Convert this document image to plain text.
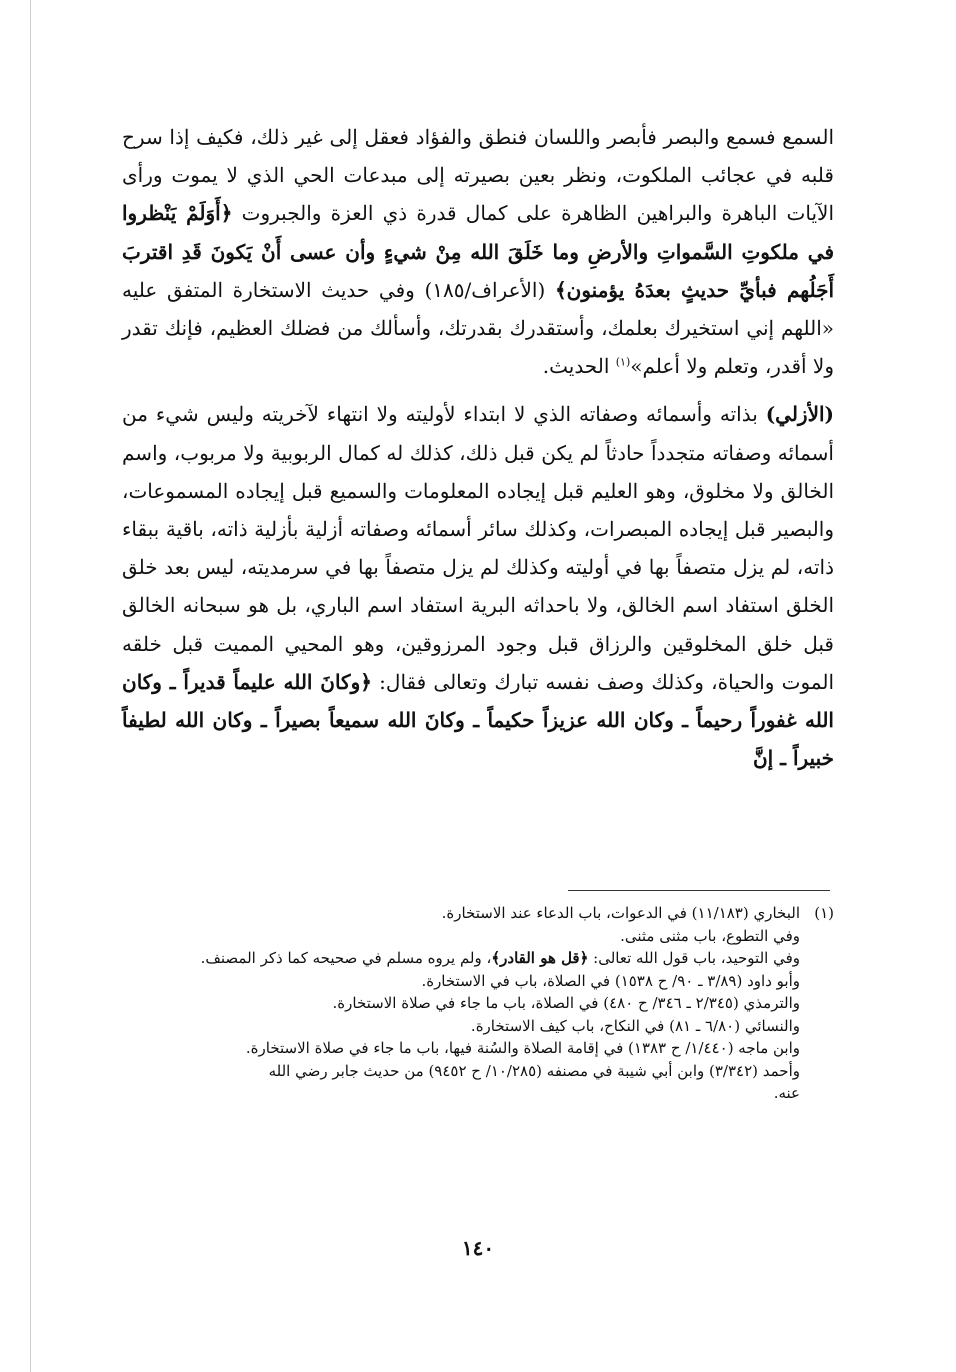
السمع فسمع والبصر فأبصر واللسان فنطق والفؤاد فعقل إلى غير ذلك، فكيف إذا سرح قلبه في عجائب الملكوت، ونظر بعين بصيرته إلى مبدعات الحي الذي لا يموت ورأى الآيات الباهرة والبراهين الظاهرة على كمال قدرة ذي العزة والجبروت ﴿أَوَلَمْ يَنْظروا في ملكوتِ السَّمواتِ والأرضِ وما خَلَقَ الله مِنْ شيءٍ وأن عسى أَنْ يَكونَ قَدِ اقتربَ أَجَلُهم فبأيِّ حديثٍ بعدَهُ يؤمنون﴾ (الأعراف/١٨٥) وفي حديث الاستخارة المتفق عليه «اللهم إني استخيرك بعلمك، وأستقدرك بقدرتك، وأسألك من فضلك العظيم، فإنك تقدر ولا أقدر، وتعلم ولا أعلم»$^{(١)}$ الحديث.

(الأزلي) بذاته وأسمائه وصفاته الذي لا ابتداء لأوليته ولا انتهاء لآخريته وليس شيء من أسمائه وصفاته متجدداً حادثاً لم يكن قبل ذلك، كذلك له كمال الربوبية ولا مربوب، واسم الخالق ولا مخلوق، وهو العليم قبل إيجاده المعلومات والسميع قبل إيجاده المسموعات، والبصير قبل إيجاده المبصرات، وكذلك سائر أسمائه وصفاته أزلية بأزلية ذاته، باقية ببقاء ذاته، لم يزل متصفاً بها في أوليته وكذلك لم يزل متصفاً بها في سرمديته، ليس بعد خلق الخلق استفاد اسم الخالق، ولا باحداثه البرية استفاد اسم الباري، بل هو سبحانه الخالق قبل خلق المخلوقين والرزاق قبل وجود المرزوقين، وهو المحيي المميت قبل خلقه الموت والحياة، وكذلك وصف نفسه تبارك وتعالى فقال: ﴿وكانَ الله عليماً قديراً ـ وكان الله غفوراً رحيماً ـ وكان الله عزيزاً حكيماً ـ وكانَ الله سميعاً بصيراً ـ وكان الله لطيفاً خبيراً ـ إنَّ

(١)البخاري (١١/١٨٣) في الدعوات، باب الدعاء عند الاستخارة.
وفي التطوع، باب مثنى مثنى.
وفي التوحيد، باب قول الله تعالى: ﴿قل هو القادر﴾، ولم يروه مسلم في صحيحه كما ذكر المصنف.
وأبو داود (٣/٨٩ ـ ٩٠/ ح ١٥٣٨) في الصلاة، باب في الاستخارة.
والترمذي (٢/٣٤٥ ـ ٣٤٦/ ح ٤٨٠) في الصلاة، باب ما جاء في صلاة الاستخارة.
والنسائي (٦/٨٠ ـ ٨١) في النكاح، باب كيف الاستخارة.
وابن ماجه (١/٤٤٠/ ح ١٣٨٣) في إقامة الصلاة والسُنة فيها، باب ما جاء في صلاة الاستخارة.
وأحمد (٣/٣٤٢) وابن أبي شيبة في مصنفه (١٠/٢٨٥/ ح ٩٤٥٢) من حديث جابر رضي الله
عنه.
١٤٠
